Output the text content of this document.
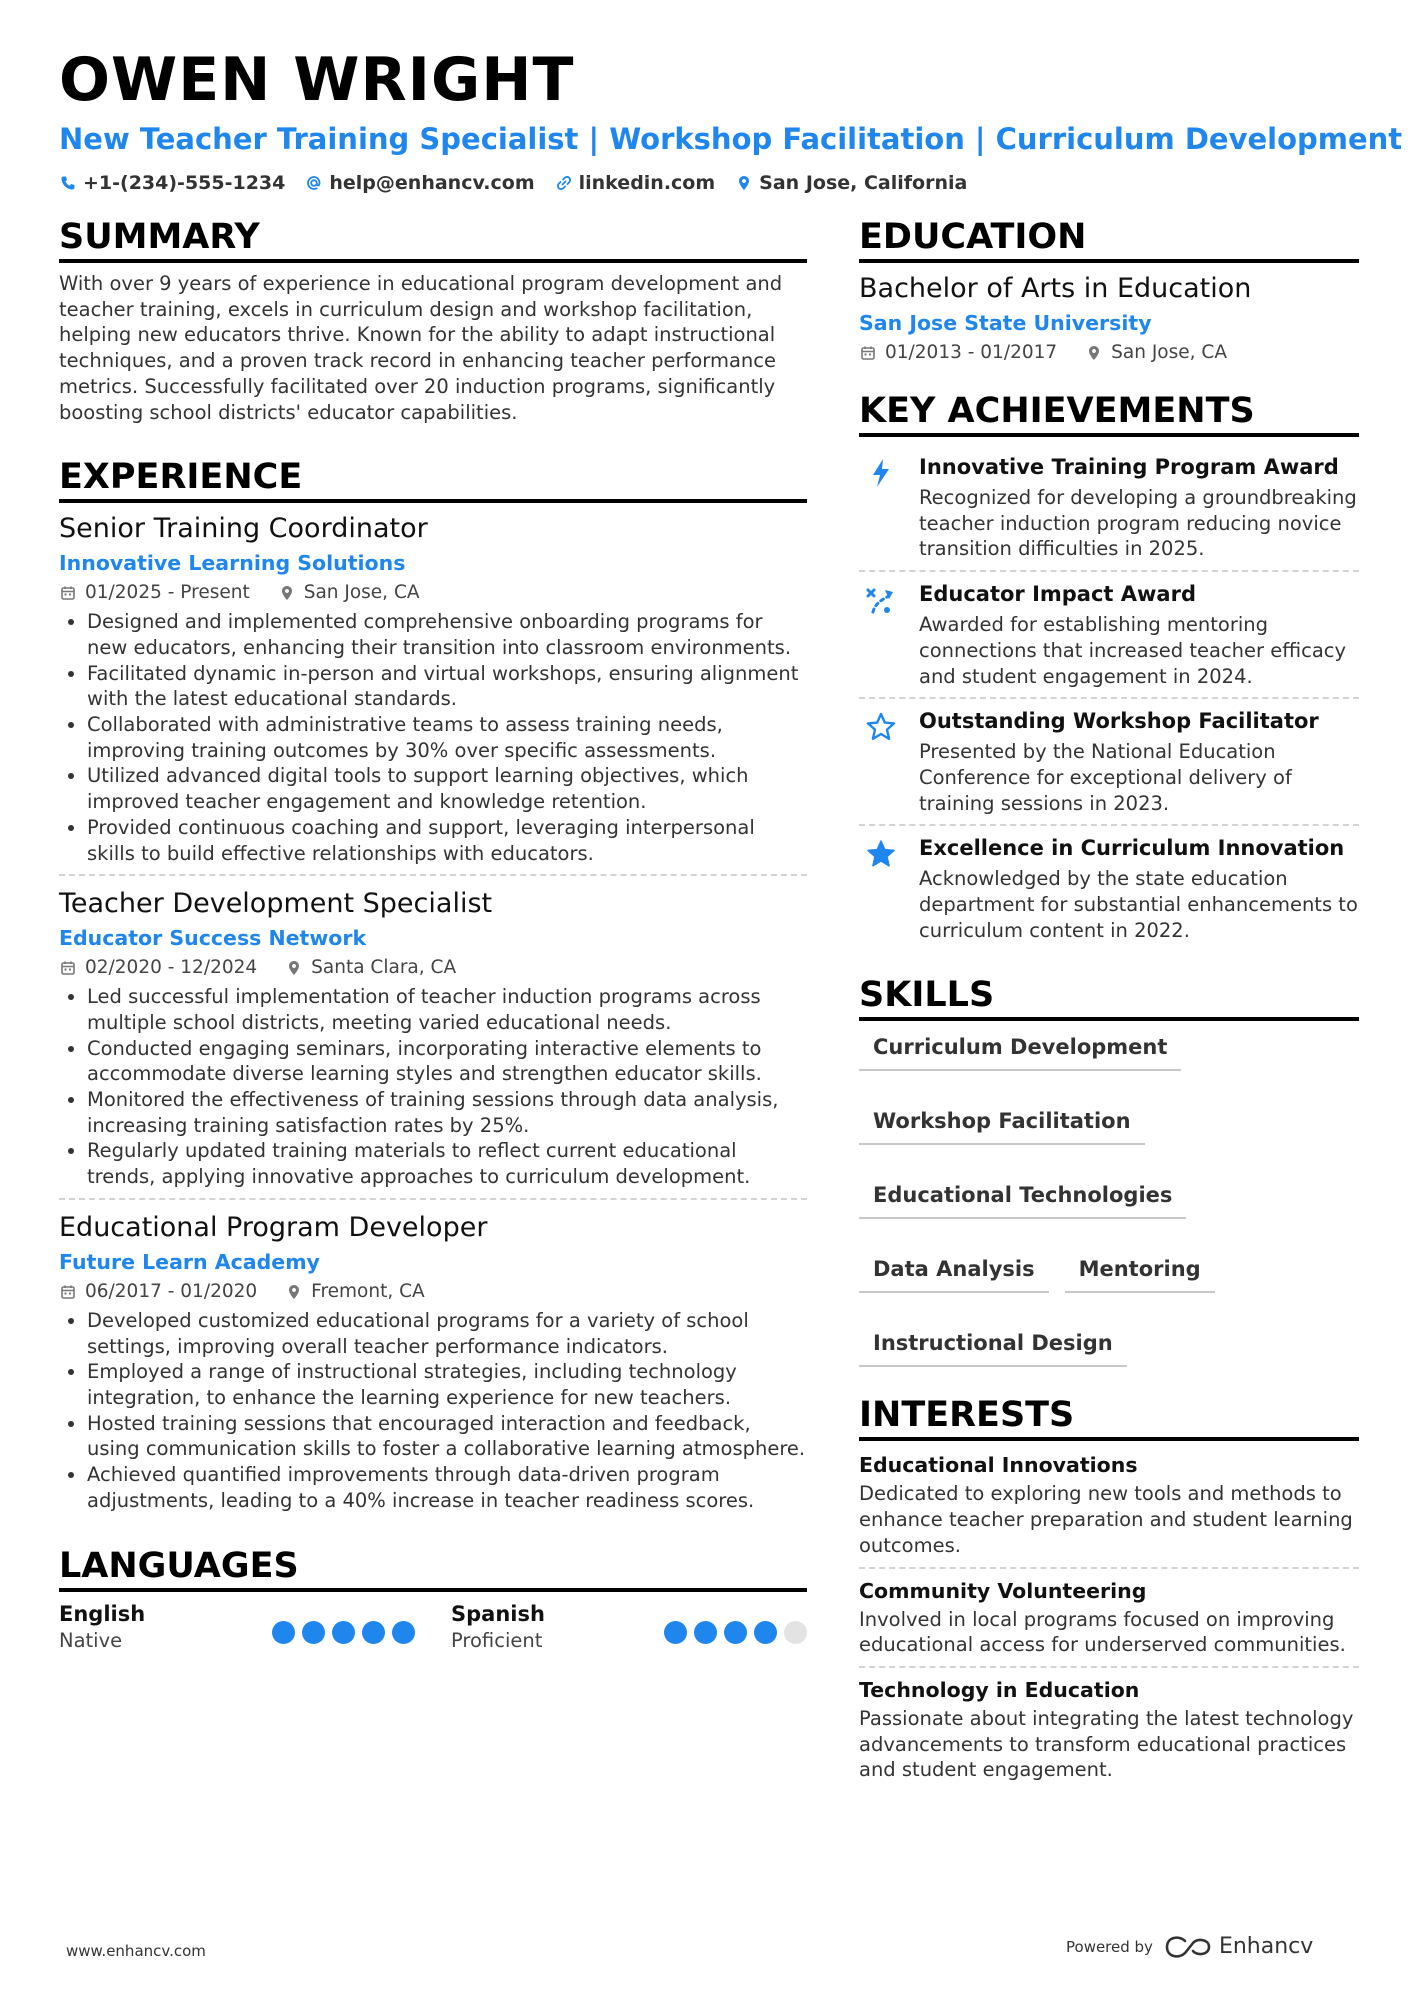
OWEN WRIGHT
New Teacher Training Specialist | Workshop Facilitation | Curriculum Development
+1-(234)-555-1234 help@enhancv.com linkedin.com San Jose, California
SUMMARY
With over 9 years of experience in educational program development and teacher training, excels in curriculum design and workshop facilitation, helping new educators thrive. Known for the ability to adapt instructional techniques, and a proven track record in enhancing teacher performance metrics. Successfully facilitated over 20 induction programs, significantly boosting school districts' educator capabilities.
EXPERIENCE
Senior Training Coordinator
Innovative Learning Solutions
01/2025 - Present	San Jose, CA
• Designed and implemented comprehensive onboarding programs for new educators, enhancing their transition into classroom environments.
• Facilitated dynamic in-person and virtual workshops, ensuring alignment with the latest educational standards.
• Collaborated with administrative teams to assess training needs, improving training outcomes by 30% over specific assessments.
• Utilized advanced digital tools to support learning objectives, which improved teacher engagement and knowledge retention.
• Provided continuous coaching and support, leveraging interpersonal skills to build effective relationships with educators.
Teacher Development Specialist
Educator Success Network
02/2020 - 12/2024	Santa Clara, CA
• Led successful implementation of teacher induction programs across multiple school districts, meeting varied educational needs.
• Conducted engaging seminars, incorporating interactive elements to accommodate diverse learning styles and strengthen educator skills.
• Monitored the effectiveness of training sessions through data analysis, increasing training satisfaction rates by 25%.
• Regularly updated training materials to reflect current educational trends, applying innovative approaches to curriculum development.
Educational Program Developer
Future Learn Academy
06/2017 - 01/2020	Fremont, CA
• Developed customized educational programs for a variety of school settings, improving overall teacher performance indicators.
• Employed a range of instructional strategies, including technology integration, to enhance the learning experience for new teachers.
• Hosted training sessions that encouraged interaction and feedback, using communication skills to foster a collaborative learning atmosphere.
• Achieved quantified improvements through data-driven program adjustments, leading to a 40% increase in teacher readiness scores.
LANGUAGES
English
Native
Spanish
Proficient
EDUCATION
Bachelor of Arts in Education
San Jose State University
01/2013 - 01/2017	San Jose, CA
KEY ACHIEVEMENTS
Innovative Training Program Award
Recognized for developing a groundbreaking teacher induction program reducing novice transition difficulties in 2025.
Educator Impact Award
Awarded for establishing mentoring connections that increased teacher efficacy and student engagement in 2024.
Outstanding Workshop Facilitator
Presented by the National Education Conference for exceptional delivery of training sessions in 2023.
Excellence in Curriculum Innovation
Acknowledged by the state education department for substantial enhancements to curriculum content in 2022.
SKILLS
Curriculum Development
Workshop Facilitation
Educational Technologies
Data Analysis	Mentoring
Instructional Design
INTERESTS
Educational Innovations
Dedicated to exploring new tools and methods to enhance teacher preparation and student learning outcomes.
Community Volunteering
Involved in local programs focused on improving educational access for underserved communities.
Technology in Education
Passionate about integrating the latest technology advancements to transform educational practices and student engagement.
www.enhancv.com	Powered by	Enhancv
